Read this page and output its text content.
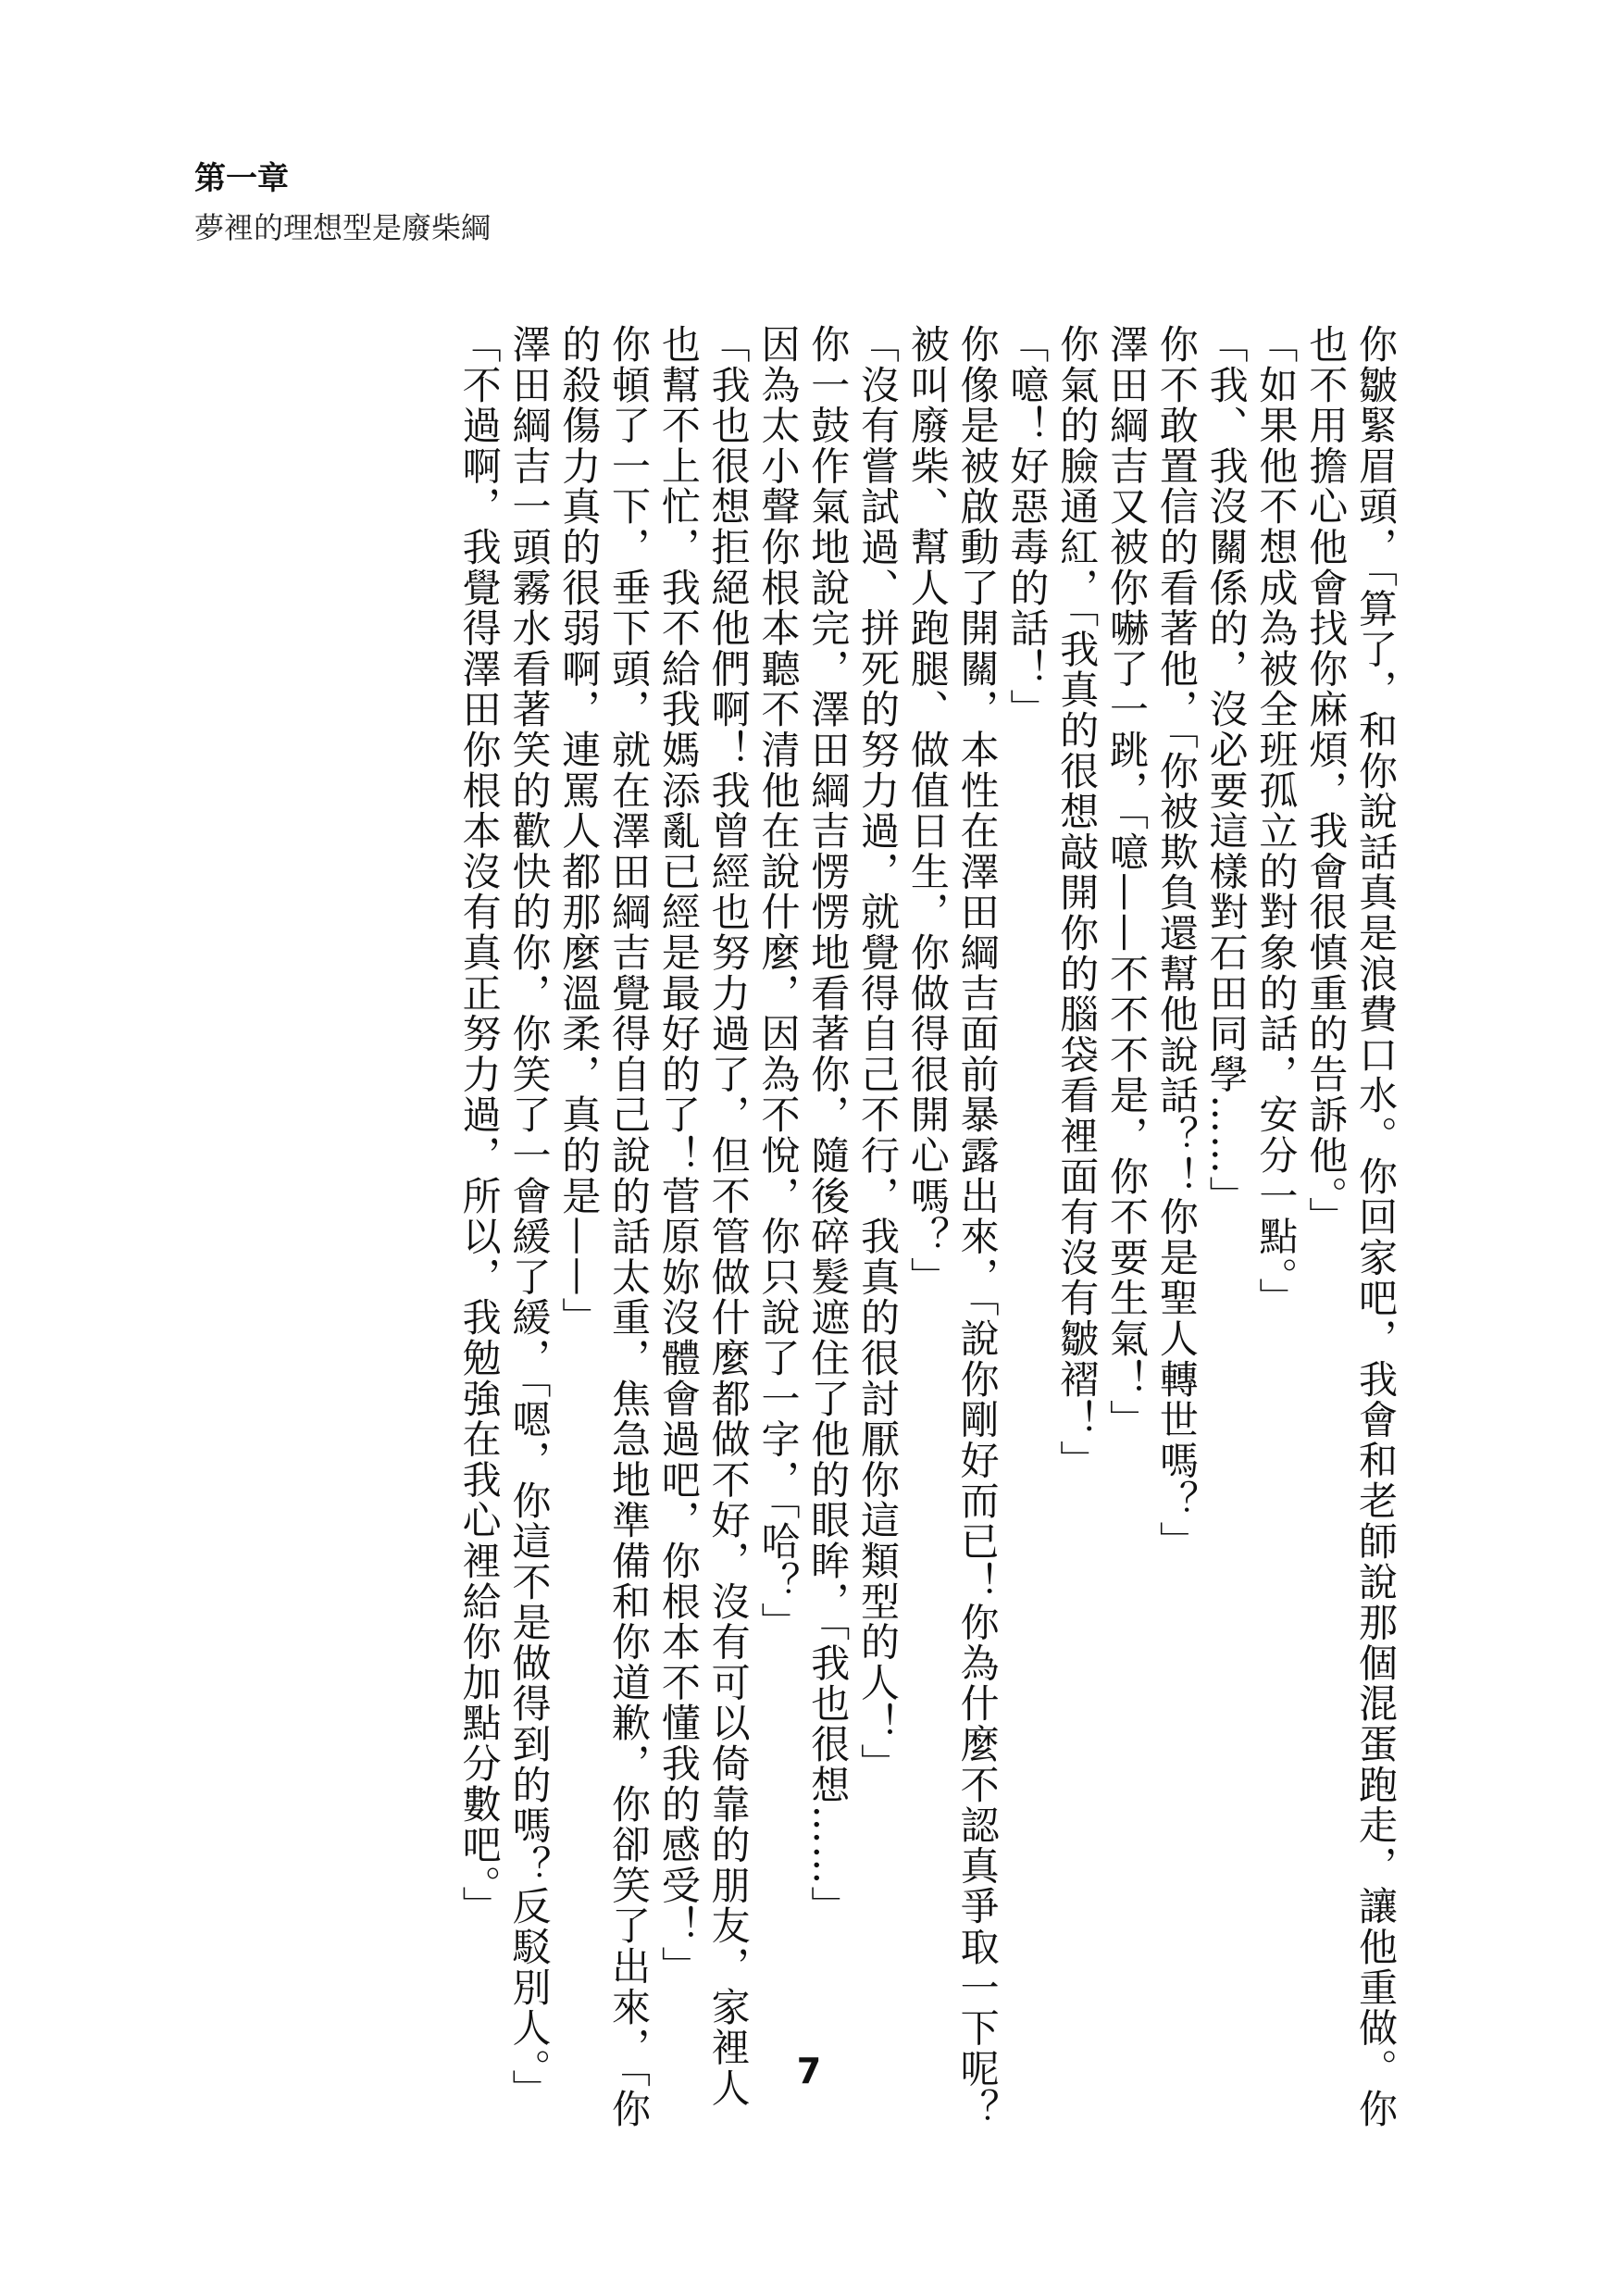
第一章
夢裡的理想型是廢柴綱

你皺緊眉頭，「算了，和你說話真是浪費口水。你回家吧，我會和老師說那個混蛋跑走，讓他重做。你也不用擔心他會找你麻煩，我會很慎重的告訴他。」

「如果他不想成為被全班孤立的對象的話，安分一點。」

「我、我沒關係的，沒必要這樣對石田同學……」

你不敢置信的看著他，「你被欺負還幫他說話？！你是聖人轉世嗎？」

澤田綱吉又被你嚇了一跳，「噫——不不不是，你不要生氣！」

你氣的臉通紅，「我真的很想敲開你的腦袋看裡面有沒有皺褶！」

「噫！好惡毒的話！」

你像是被啟動了開關，本性在澤田綱吉面前暴露出來，「說你剛好而已！你為什麼不認真爭取一下呢？被叫廢柴、幫人跑腿、做值日生，你做得很開心嗎？」

「沒有嘗試過、拼死的努力過，就覺得自己不行，我真的很討厭你這類型的人！」

你一鼓作氣地說完，澤田綱吉愣愣地看著你，隨後碎髮遮住了他的眼眸，「我也很想……」

因為太小聲你根本聽不清他在說什麼，因為不悅，你只說了一字，「哈？」

「我也很想拒絕他們啊！我曾經也努力過了，但不管做什麼都做不好，沒有可以倚靠的朋友，家裡人也幫不上忙，我不給我媽添亂已經是最好的了！菅原妳沒體會過吧，你根本不懂我的感受！」

你頓了一下，垂下頭，就在澤田綱吉覺得自己說的話太重，焦急地準備和你道歉，你卻笑了出來，「你的殺傷力真的很弱啊，連罵人都那麼溫柔，真的是——」

澤田綱吉一頭霧水看著笑的歡快的你，你笑了一會緩了緩，「嗯，你這不是做得到的嗎？反駁別人。」

「不過啊，我覺得澤田你根本沒有真正努力過，所以，我勉強在我心裡給你加點分數吧。」

7
